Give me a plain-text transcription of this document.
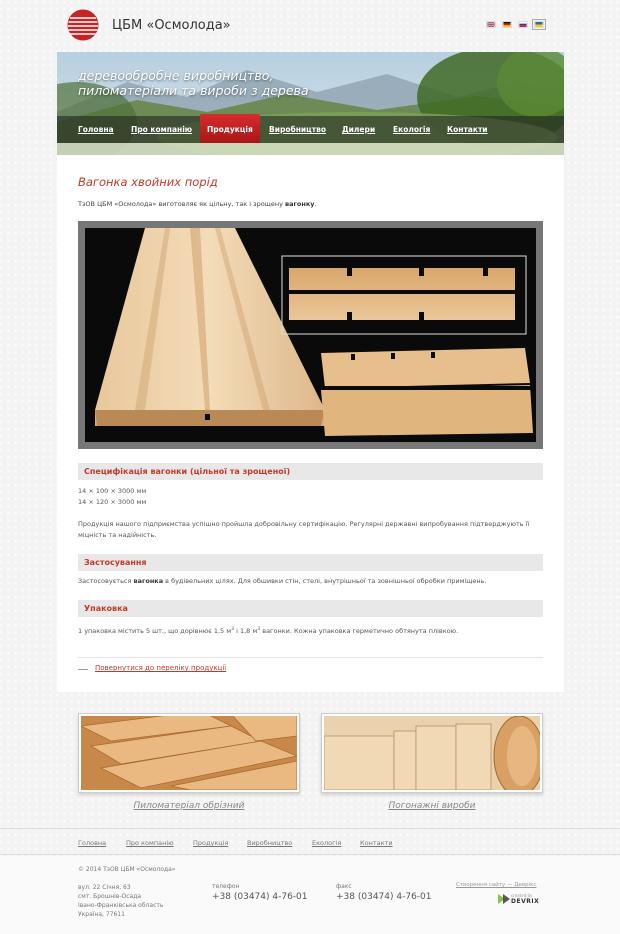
ЦБМ «Осмолода»
деревообробне виробництво,
пиломатеріали та вироби з дерева
Головна	Про компанію	Продукція	Виробництво	Дилери	Екологія	Контакти
Вагонка хвойних порід
ТзОВ ЦБМ «Осмолода» виготовляє як цільну, так і зрощену вагонку.
Специфікація вагонки (цільної та зрощеної)
14 × 100 × 3000 мм
14 × 120 × 3000 мм
Продукція нашого підприємства успішно пройшла добровільну сертифікацію. Регулярні державні випробування підтверджують її міцність та надійність.
Застосування
Застосовується вагонка в будівельних цілях. Для обшивки стін, стелі, внутрішньої та зовнішньої обробки приміщень.
Упаковка
1 упаковка містить 5 шт., що дорівнює 1,5 $м^3$ і 1,8 $м^3$ вагонки. Кожна упаковка герметично обтянута плівкою.
Повернутися до переліку продукції
Пиломатеріал обрізний	Погонажні вироби
Головна	Про компанію	Продукція	Виробництво	Екологія	Контакти
© 2014 ТзОВ ЦБМ «Осмолода»
вул. 22 Січня, 63
смт. Брошнів-Осада
Івано-Франківська область
Україна, 77611
телефон
+38 (03474) 4-76-01
факс
+38 (03474) 4-76-01
Створення сайту — Деврікс
created by
DEVRIX
